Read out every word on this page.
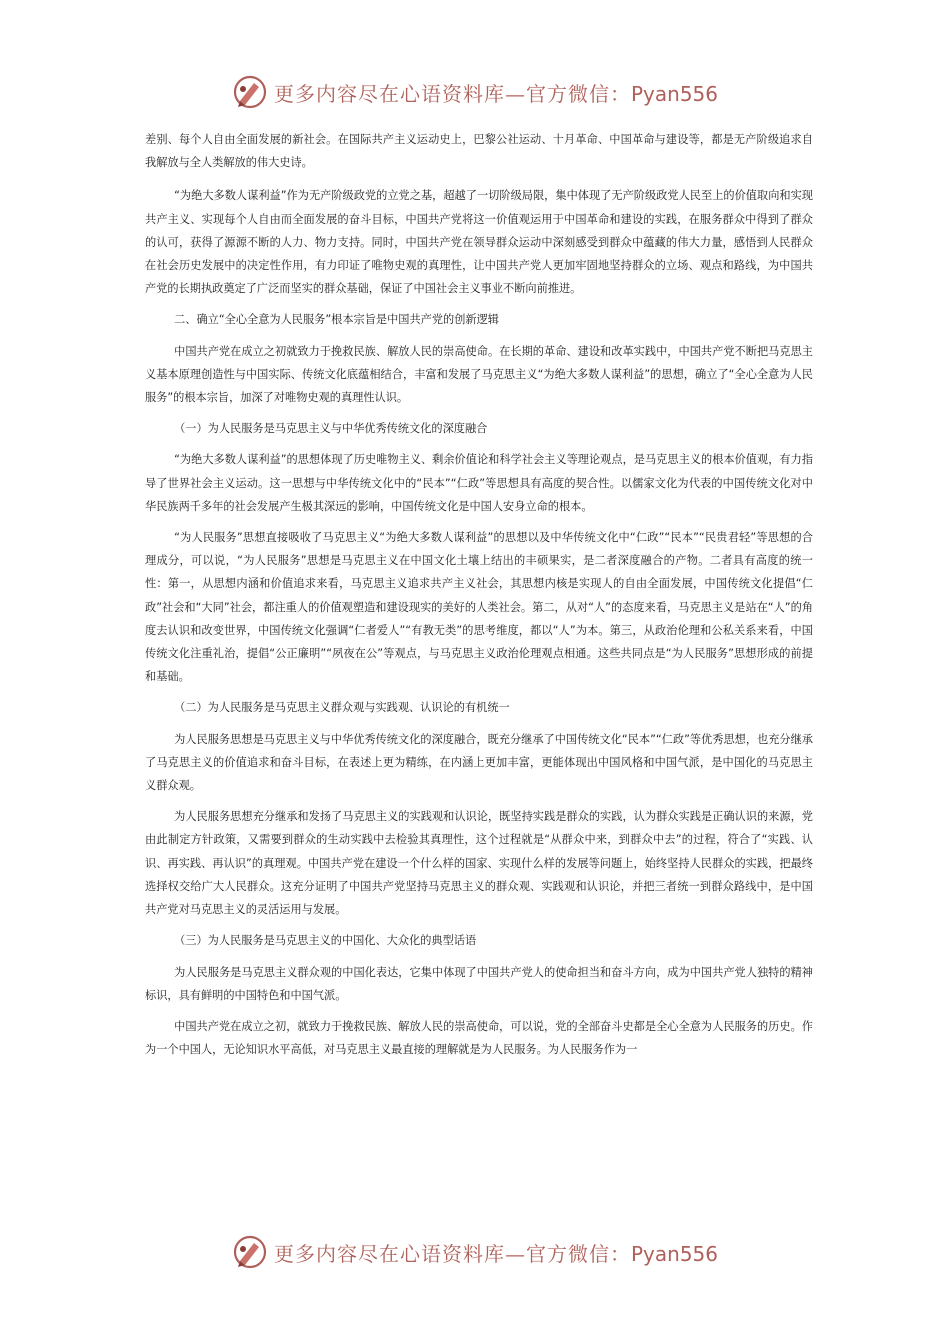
更多内容尽在心语资料库—官方微信：Pyan556

差别、每个人自由全面发展的新社会。在国际共产主义运动史上，巴黎公社运动、十月革命、中国革命与建设等，都是无产阶级追求自我解放与全人类解放的伟大史诗。

“为绝大多数人谋利益”作为无产阶级政党的立党之基，超越了一切阶级局限，集中体现了无产阶级政党人民至上的价值取向和实现共产主义、实现每个人自由而全面发展的奋斗目标，中国共产党将这一价值观运用于中国革命和建设的实践，在服务群众中得到了群众的认可，获得了源源不断的人力、物力支持。同时，中国共产党在领导群众运动中深刻感受到群众中蕴藏的伟大力量，感悟到人民群众在社会历史发展中的决定性作用，有力印证了唯物史观的真理性，让中国共产党人更加牢固地坚持群众的立场、观点和路线，为中国共产党的长期执政奠定了广泛而坚实的群众基础，保证了中国社会主义事业不断向前推进。

二、确立“全心全意为人民服务”根本宗旨是中国共产党的创新逻辑

中国共产党在成立之初就致力于挽救民族、解放人民的崇高使命。在长期的革命、建设和改革实践中，中国共产党不断把马克思主义基本原理创造性与中国实际、传统文化底蕴相结合，丰富和发展了马克思主义“为绝大多数人谋利益”的思想，确立了“全心全意为人民服务”的根本宗旨，加深了对唯物史观的真理性认识。

（一）为人民服务是马克思主义与中华优秀传统文化的深度融合

“为绝大多数人谋利益”的思想体现了历史唯物主义、剩余价值论和科学社会主义等理论观点，是马克思主义的根本价值观，有力指导了世界社会主义运动。这一思想与中华传统文化中的“民本”“仁政”等思想具有高度的契合性。以儒家文化为代表的中国传统文化对中华民族两千多年的社会发展产生极其深远的影响，中国传统文化是中国人安身立命的根本。

“为人民服务”思想直接吸收了马克思主义“为绝大多数人谋利益”的思想以及中华传统文化中“仁政”“民本”“民贵君轻”等思想的合理成分，可以说，“为人民服务”思想是马克思主义在中国文化土壤上结出的丰硕果实，是二者深度融合的产物。二者具有高度的统一性：第一，从思想内涵和价值追求来看，马克思主义追求共产主义社会，其思想内核是实现人的自由全面发展，中国传统文化提倡“仁政”社会和“大同”社会，都注重人的价值观塑造和建设现实的美好的人类社会。第二，从对“人”的态度来看，马克思主义是站在“人”的角度去认识和改变世界，中国传统文化强调“仁者爱人”“有教无类”的思考维度，都以“人”为本。第三，从政治伦理和公私关系来看，中国传统文化注重礼治，提倡“公正廉明”“夙夜在公”等观点，与马克思主义政治伦理观点相通。这些共同点是“为人民服务”思想形成的前提和基础。

（二）为人民服务是马克思主义群众观与实践观、认识论的有机统一

为人民服务思想是马克思主义与中华优秀传统文化的深度融合，既充分继承了中国传统文化“民本”“仁政”等优秀思想，也充分继承了马克思主义的价值追求和奋斗目标，在表述上更为精练，在内涵上更加丰富，更能体现出中国风格和中国气派，是中国化的马克思主义群众观。

为人民服务思想充分继承和发扬了马克思主义的实践观和认识论，既坚持实践是群众的实践，认为群众实践是正确认识的来源，党由此制定方针政策，又需要到群众的生动实践中去检验其真理性，这个过程就是“从群众中来，到群众中去”的过程，符合了“实践、认识、再实践、再认识”的真理观。中国共产党在建设一个什么样的国家、实现什么样的发展等问题上，始终坚持人民群众的实践，把最终选择权交给广大人民群众。这充分证明了中国共产党坚持马克思主义的群众观、实践观和认识论，并把三者统一到群众路线中，是中国共产党对马克思主义的灵活运用与发展。

（三）为人民服务是马克思主义的中国化、大众化的典型话语

为人民服务是马克思主义群众观的中国化表达，它集中体现了中国共产党人的使命担当和奋斗方向，成为中国共产党人独特的精神标识，具有鲜明的中国特色和中国气派。

中国共产党在成立之初，就致力于挽救民族、解放人民的崇高使命，可以说，党的全部奋斗史都是全心全意为人民服务的历史。作为一个中国人，无论知识水平高低，对马克思主义最直接的理解就是为人民服务。为人民服务作为一

更多内容尽在心语资料库—官方微信：Pyan556
